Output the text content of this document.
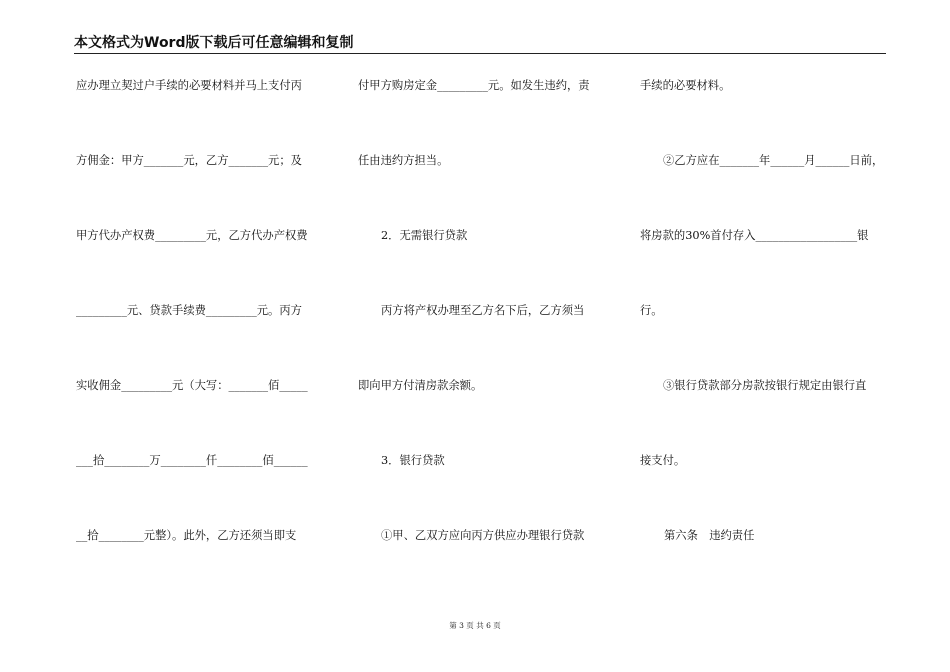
本文格式为Word版下载后可任意编辑和复制
应办理立契过户手续的必要材料并马上支付丙
方佣金：甲方_______元，乙方_______元；及
甲方代办产权费_________元，乙方代办产权费
_________元、贷款手续费_________元。丙方
实收佣金_________元（大写：_______佰_____
___拾________万________仟________佰______
__拾________元整）。此外，乙方还须当即支
付甲方购房定金_________元。如发生违约，责
任由违约方担当。
2．无需银行贷款
丙方将产权办理至乙方名下后，乙方须当
即向甲方付清房款余额。
3．银行贷款
①甲、乙双方应向丙方供应办理银行贷款
手续的必要材料。
②乙方应在_______年______月______日前，
将房款的30%首付存入__________________银
行。
③银行贷款部分房款按银行规定由银行直
接支付。
第六条　违约责任
第 3 页 共 6 页
